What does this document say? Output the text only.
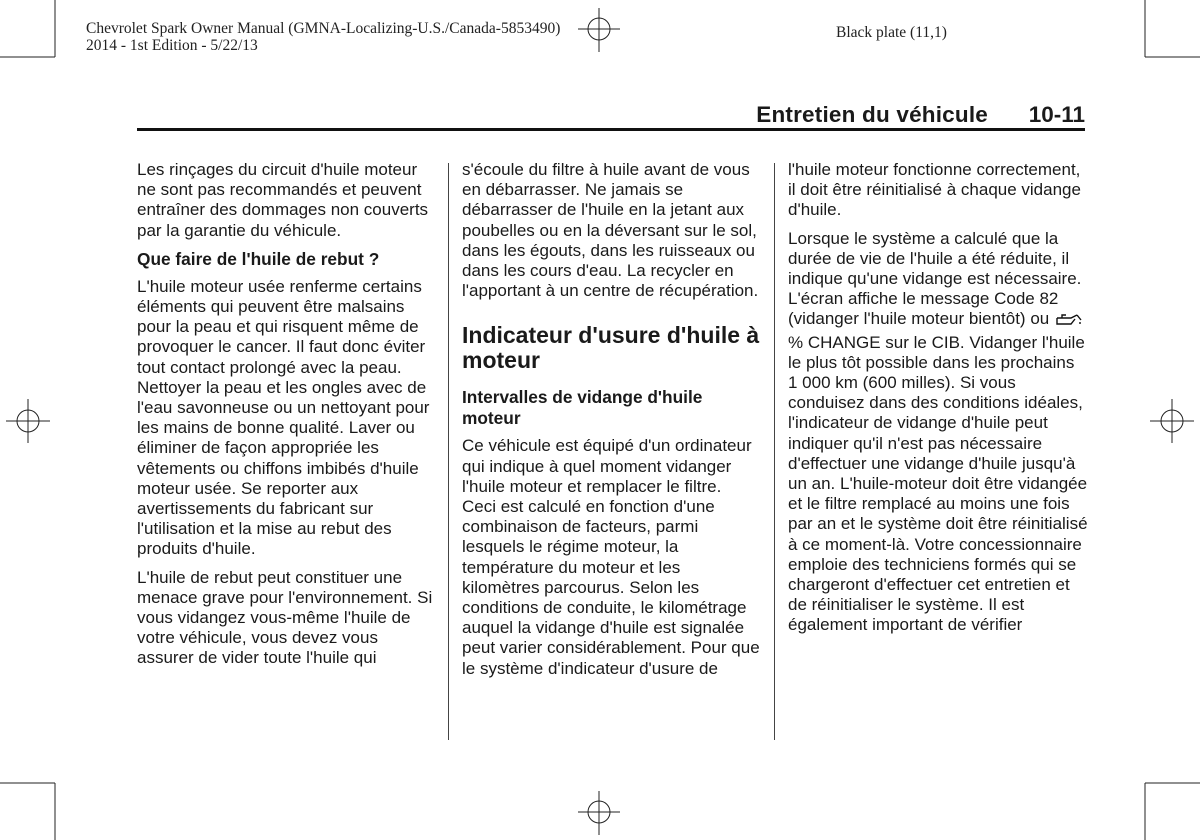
Chevrolet Spark Owner Manual (GMNA-Localizing-U.S./Canada-5853490)
2014 - 1st Edition - 5/22/13
Black plate (11,1)
Entretien du véhicule 10-11

Les rinçages du circuit d'huile moteur ne sont pas recommandés et peuvent entraîner des dommages non couverts par la garantie du véhicule.

Que faire de l'huile de rebut ?

L'huile moteur usée renferme certains éléments qui peuvent être malsains pour la peau et qui risquent même de provoquer le cancer. Il faut donc éviter tout contact prolongé avec la peau. Nettoyer la peau et les ongles avec de l'eau savonneuse ou un nettoyant pour les mains de bonne qualité. Laver ou éliminer de façon appropriée les vêtements ou chiffons imbibés d'huile moteur usée. Se reporter aux avertissements du fabricant sur l'utilisation et la mise au rebut des produits d'huile.

L'huile de rebut peut constituer une menace grave pour l'environnement. Si vous vidangez vous-même l'huile de votre véhicule, vous devez vous assurer de vider toute l'huile qui

s'écoule du filtre à huile avant de vous en débarrasser. Ne jamais se débarrasser de l'huile en la jetant aux poubelles ou en la déversant sur le sol, dans les égouts, dans les ruisseaux ou dans les cours d'eau. La recycler en l'apportant à un centre de récupération.

Indicateur d'usure d'huile à moteur
Intervalles de vidange d'huile moteur

Ce véhicule est équipé d'un ordinateur qui indique à quel moment vidanger l'huile moteur et remplacer le filtre. Ceci est calculé en fonction d'une combinaison de facteurs, parmi lesquels le régime moteur, la température du moteur et les kilomètres parcourus. Selon les conditions de conduite, le kilométrage auquel la vidange d'huile est signalée peut varier considérablement. Pour que le système d'indicateur d'usure de

l'huile moteur fonctionne correctement, il doit être réinitialisé à chaque vidange d'huile.

Lorsque le système a calculé que la durée de vie de l'huile a été réduite, il indique qu'une vidange est nécessaire. L'écran affiche le message Code 82 (vidanger l'huile moteur bientôt) ou  % CHANGE sur le CIB. Vidanger l'huile le plus tôt possible dans les prochains 1 000 km (600 milles). Si vous conduisez dans des conditions idéales, l'indicateur de vidange d'huile peut indiquer qu'il n'est pas nécessaire d'effectuer une vidange d'huile jusqu'à un an. L'huile-moteur doit être vidangée et le filtre remplacé au moins une fois par an et le système doit être réinitialisé à ce moment-là. Votre concessionnaire emploie des techniciens formés qui se chargeront d'effectuer cet entretien et de réinitialiser le système. Il est également important de vérifier
